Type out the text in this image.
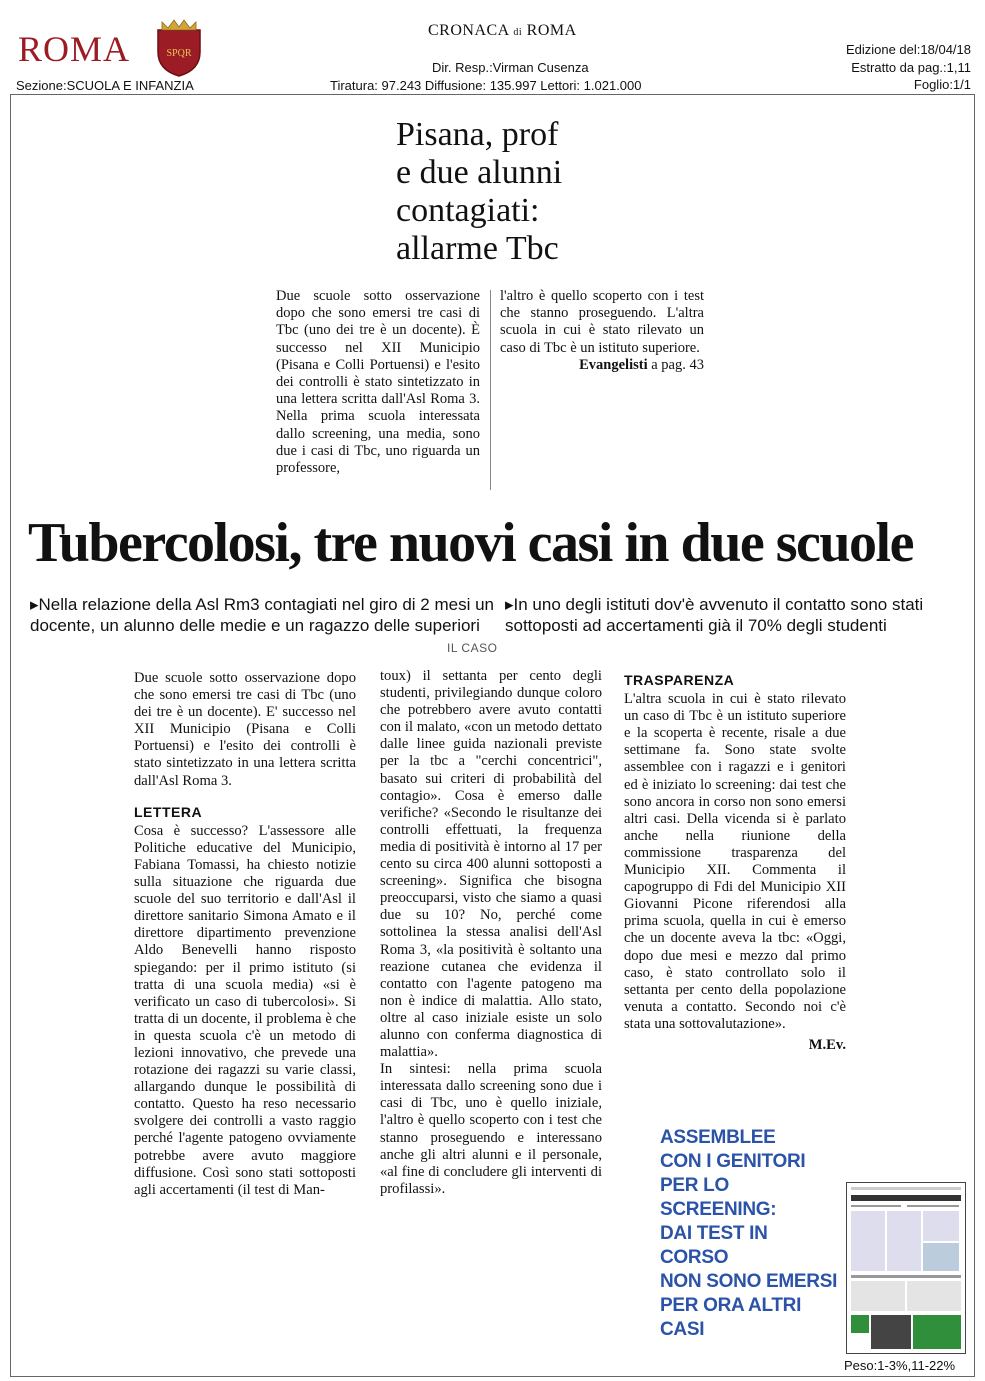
ROMA	SPQR
Sezione:SCUOLA E INFANZIA
CRONACA di ROMA
Dir. Resp.:Virman Cusenza
Tiratura: 97.243 Diffusione: 135.997 Lettori: 1.021.000
Edizione del:18/04/18
Estratto da pag.:1,11
Foglio:1/1
Pisana, prof
e due alunni
contagiati:
allarme Tbc
Due scuole sotto osservazione dopo che sono emersi tre casi di Tbc (uno dei tre è un docente). È successo nel XII Municipio (Pisana e Colli Portuensi) e l'esito dei controlli è stato sintetizzato in una lettera scritta dall'Asl Roma 3. Nella prima scuola interessata dallo screening, una media, sono due i casi di Tbc, uno riguarda un professore,

l'altro è quello scoperto con i test che stanno proseguendo. L'altra scuola in cui è stato rilevato un caso di Tbc è un istituto superiore.

Evangelisti a pag. 43
Tubercolosi, tre nuovi casi in due scuole
▸Nella relazione della Asl Rm3 contagiati nel giro di 2 mesi un docente, un alunno delle medie e un ragazzo delle superiori
▸In uno degli istituti dov'è avvenuto il contatto sono stati sottoposti ad accertamenti già il 70% degli studenti
IL CASO

Due scuole sotto osservazione dopo che sono emersi tre casi di Tbc (uno dei tre è un docente). E' successo nel XII Municipio (Pisana e Colli Portuensi) e l'esito dei controlli è stato sintetizzato in una lettera scritta dall'Asl Roma 3.

LETTERA

Cosa è successo? L'assessore alle Politiche educative del Municipio, Fabiana Tomassi, ha chiesto notizie sulla situazione che riguarda due scuole del suo territorio e dall'Asl il direttore sanitario Simona Amato e il direttore dipartimento prevenzione Aldo Benevelli hanno risposto spiegando: per il primo istituto (si tratta di una scuola media) «si è verificato un caso di tubercolosi». Si tratta di un docente, il problema è che in questa scuola c'è un metodo di lezioni innovativo, che prevede una rotazione dei ragazzi su varie classi, allargando dunque le possibilità di contatto. Questo ha reso necessario svolgere dei controlli a vasto raggio perché l'agente patogeno ovviamente potrebbe avere avuto maggiore diffusione. Così sono stati sottoposti agli accertamenti (il test di Man-

toux) il settanta per cento degli studenti, privilegiando dunque coloro che potrebbero avere avuto contatti con il malato, «con un metodo dettato dalle linee guida nazionali previste per la tbc a "cerchi concentrici", basato sui criteri di probabilità del contagio». Cosa è emerso dalle verifiche? «Secondo le risultanze dei controlli effettuati, la frequenza media di positività è intorno al 17 per cento su circa 400 alunni sottoposti a screening». Significa che bisogna preoccuparsi, visto che siamo a quasi due su 10? No, perché come sottolinea la stessa analisi dell'Asl Roma 3, «la positività è soltanto una reazione cutanea che evidenza il contatto con l'agente patogeno ma non è indice di malattia. Allo stato, oltre al caso iniziale esiste un solo alunno con conferma diagnostica di malattia».

In sintesi: nella prima scuola interessata dallo screening sono due i casi di Tbc, uno è quello iniziale, l'altro è quello scoperto con i test che stanno proseguendo e interessano anche gli altri alunni e il personale, «al fine di concludere gli interventi di profilassi».

TRASPARENZA

L'altra scuola in cui è stato rilevato un caso di Tbc è un istituto superiore e la scoperta è recente, risale a due settimane fa. Sono state svolte assemblee con i ragazzi e i genitori ed è iniziato lo screening: dai test che sono ancora in corso non sono emersi altri casi. Della vicenda si è parlato anche nella riunione della commissione trasparenza del Municipio XII. Commenta il capogruppo di Fdi del Municipio XII Giovanni Picone riferendosi alla prima scuola, quella in cui è emerso che un docente aveva la tbc: «Oggi, dopo due mesi e mezzo dal primo caso, è stato controllato solo il settanta per cento della popolazione venuta a contatto. Secondo noi c'è stata una sottovalutazione».

M.Ev.
ASSEMBLEE
CON I GENITORI
PER LO SCREENING:
DAI TEST IN CORSO
NON SONO EMERSI
PER ORA ALTRI CASI
Peso:1-3%,11-22%
